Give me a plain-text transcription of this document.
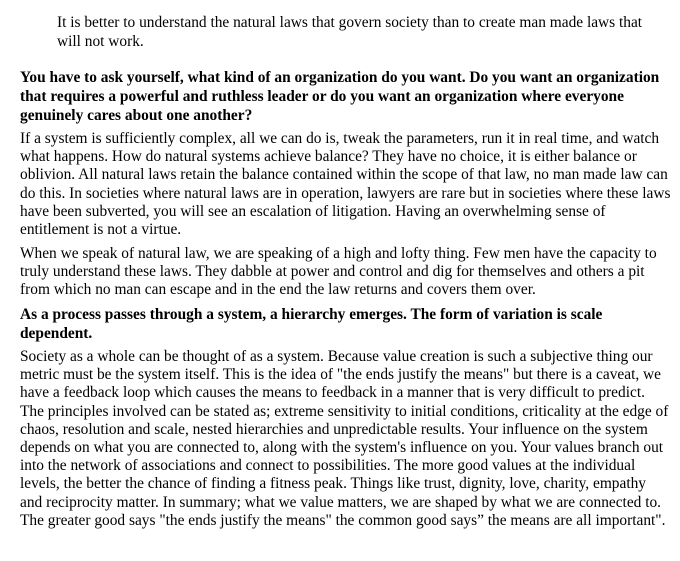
It is better to understand the natural laws that govern society than to create man made laws that will not work.

You have to ask yourself, what kind of an organization do you want. Do you want an organization that requires a powerful and ruthless leader or do you want an organization where everyone genuinely cares about one another?

If a system is sufficiently complex, all we can do is, tweak the parameters, run it in real time, and watch what happens. How do natural systems achieve balance? They have no choice, it is either balance or oblivion. All natural laws retain the balance contained within the scope of that law, no man made law can do this. In societies where natural laws are in operation, lawyers are rare but in societies where these laws have been subverted, you will see an escalation of litigation. Having an overwhelming sense of entitlement is not a virtue.

When we speak of natural law, we are speaking of a high and lofty thing. Few men have the capacity to truly understand these laws. They dabble at power and control and dig for themselves and others a pit from which no man can escape and in the end the law returns and covers them over.

As a process passes through a system, a hierarchy emerges. The form of variation is scale dependent.

Society as a whole can be thought of as a system. Because value creation is such a subjective thing our metric must be the system itself. This is the idea of "the ends justify the means" but there is a caveat, we have a feedback loop which causes the means to feedback in a manner that is very difficult to predict. The principles involved can be stated as; extreme sensitivity to initial conditions, criticality at the edge of chaos, resolution and scale, nested hierarchies and unpredictable results. Your influence on the system depends on what you are connected to, along with the system's influence on you. Your values branch out into the network of associations and connect to possibilities. The more good values at the individual levels, the better the chance of finding a fitness peak. Things like trust, dignity, love, charity, empathy and reciprocity matter. In summary; what we value matters, we are shaped by what we are connected to. The greater good says "the ends justify the means" the common good says” the means are all important".
